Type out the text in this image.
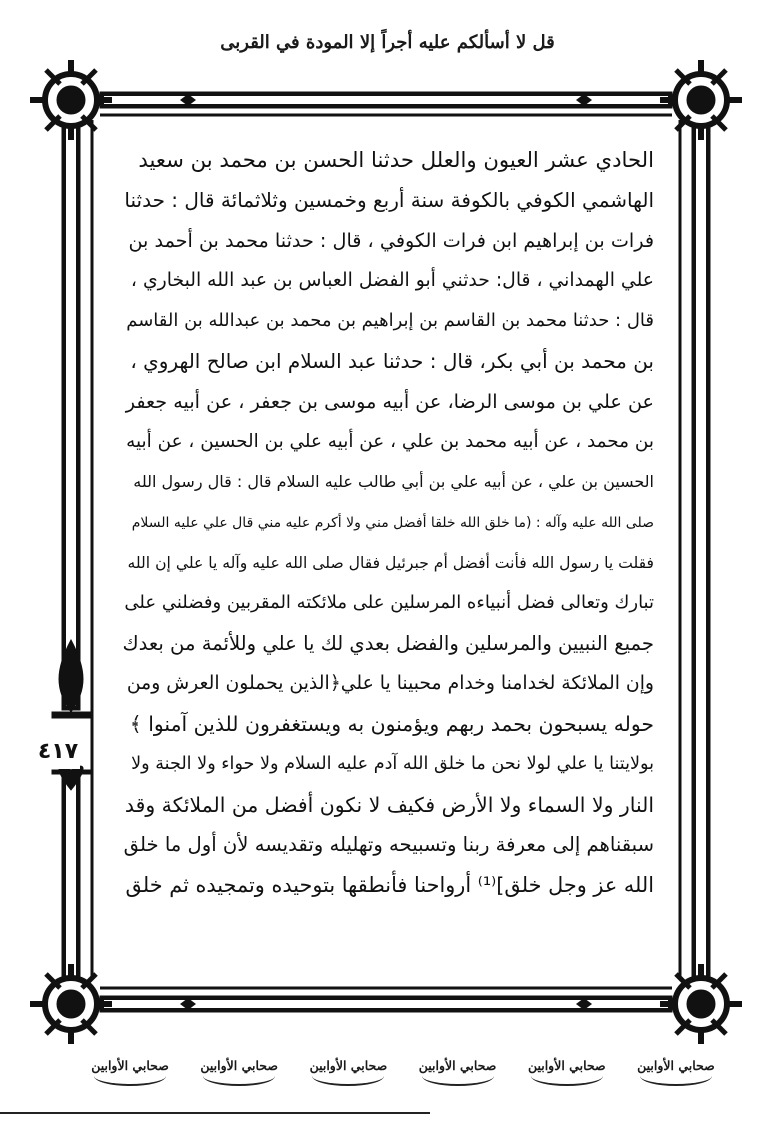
قل لا أسألكم عليه أجراً إلا المودة في القربى
الحادي عشر العيون والعلل حدثنا الحسن بن محمد بن سعيد
الهاشمي الكوفي بالكوفة سنة أربع وخمسين وثلاثمائة قال : حدثنا
فرات بن إبراهيم ابن فرات الكوفي ، قال : حدثنا محمد بن أحمد بن
علي الهمداني ، قال: حدثني أبو الفضل العباس بن عبد الله البخاري ،
قال : حدثنا محمد بن القاسم بن إبراهيم بن محمد بن عبدالله بن القاسم
بن محمد بن أبي بكر، قال : حدثنا عبد السلام ابن صالح الهروي ،
عن علي بن موسى الرضا، عن أبيه موسى بن جعفر ، عن أبيه جعفر
بن محمد ، عن أبيه محمد بن علي ، عن أبيه علي بن الحسين ، عن أبيه
الحسين بن علي ، عن أبيه علي بن أبي طالب عليه السلام قال : قال رسول الله
صلى الله عليه وآله : (ما خلق الله خلقا أفضل مني ولا أكرم عليه مني قال علي عليه السلام
فقلت يا رسول الله فأنت أفضل أم جبرئيل فقال صلى الله عليه وآله يا علي إن الله
تبارك وتعالى فضل أنبياءه المرسلين على ملائكته المقربين وفضلني على
جميع النبيين والمرسلين والفضل بعدي لك يا علي وللأئمة من بعدك
وإن الملائكة لخدامنا وخدام محبينا يا علي﴿الذين يحملون العرش ومن
حوله يسبحون بحمد ربهم ويؤمنون به ويستغفرون للذين آمنوا ﴾
بولايتنا يا علي لولا نحن ما خلق الله آدم عليه السلام ولا حواء ولا الجنة ولا
النار ولا السماء ولا الأرض فكيف لا نكون أفضل من الملائكة وقد
سبقناهم إلى معرفة ربنا وتسبيحه وتهليله وتقديسه لأن أول ما خلق
الله عز وجل خلق]⁽¹⁾ أرواحنا فأنطقها بتوحيده وتمجيده ثم خلق
٤١٧
صحابي الأوابين
صحابي الأوابين
صحابي الأوابين
صحابي الأوابين
صحابي الأوابين
صحابي الأوابين
